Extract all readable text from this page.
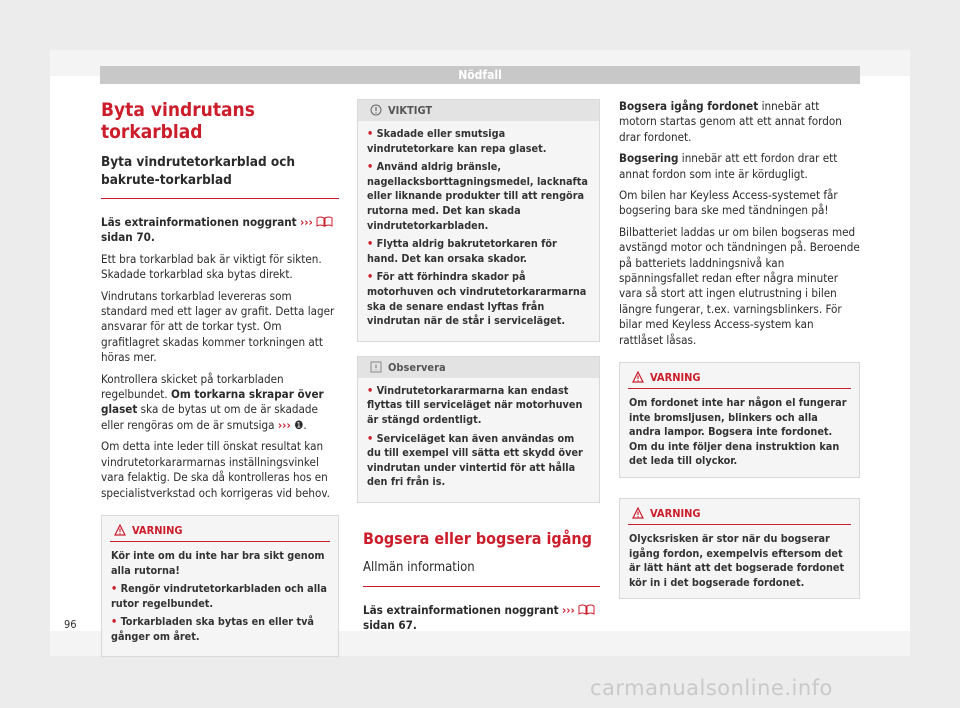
Nödfall
Byta vindrutans torkarblad
Byta vindrutetorkarblad och bakrute-torkarblad

Läs extrainformationen noggrant ›››  sidan 70.

Ett bra torkarblad bak är viktigt för sikten. Skadade torkarblad ska bytas direkt.

Vindrutans torkarblad levereras som standard med ett lager av grafit. Detta lager ansvarar för att de torkar tyst. Om grafitlagret skadas kommer torkningen att höras mer.

Kontrollera skicket på torkarbladen regelbundet. Om torkarna skrapar över glaset ska de bytas ut om de är skadade eller rengöras om de är smutsiga ››› ❶.

Om detta inte leder till önskat resultat kan vindrutetorkararmarnas inställningsvinkel vara felaktig. De ska då kontrolleras hos en specialistverkstad och korrigeras vid behov.

VARNING
Kör inte om du inte har bra sikt genom alla rutorna!
• Rengör vindrutetorkarbladen och alla rutor regelbundet.
• Torkarbladen ska bytas en eller två gånger om året.
VIKTIGT
• Skadade eller smutsiga vindrutetorkare kan repa glaset.
• Använd aldrig bränsle, nagellacksborttagningsmedel, lacknafta eller liknande produkter till att rengöra rutorna med. Det kan skada vindrutetorkarbladen.
• Flytta aldrig bakrutetorkaren för hand. Det kan orsaka skador.
• För att förhindra skador på motorhuven och vindrutetorkararmarna ska de senare endast lyftas från vindrutan när de står i serviceläget.
Observera
• Vindrutetorkararmarna kan endast flyttas till serviceläget när motorhuven är stängd ordentligt.
• Serviceläget kan även användas om du till exempel vill sätta ett skydd över vindrutan under vintertid för att hålla den fri från is.
Bogsera eller bogsera igång
Allmän information

Läs extrainformationen noggrant ›››  sidan 67.

Bogsera igång fordonet innebär att motorn startas genom att ett annat fordon drar fordonet.

Bogsering innebär att ett fordon drar ett annat fordon som inte är kördugligt.

Om bilen har Keyless Access-systemet får bogsering bara ske med tändningen på!

Bilbatteriet laddas ur om bilen bogseras med avstängd motor och tändningen på. Beroende på batteriets laddningsnivå kan spänningsfallet redan efter några minuter vara så stort att ingen elutrustning i bilen längre fungerar, t.ex. varningsblinkers. För bilar med Keyless Access-system kan rattlåset låsas.

VARNING
Om fordonet inte har någon el fungerar inte bromsljusen, blinkers och alla andra lampor. Bogsera inte fordonet. Om du inte följer dena instruktion kan det leda till olyckor.
VARNING
Olycksrisken är stor när du bogserar igång fordon, exempelvis eftersom det är lätt hänt att det bogserade fordonet kör in i det bogserade fordonet.
96
carmanualsonline.info
